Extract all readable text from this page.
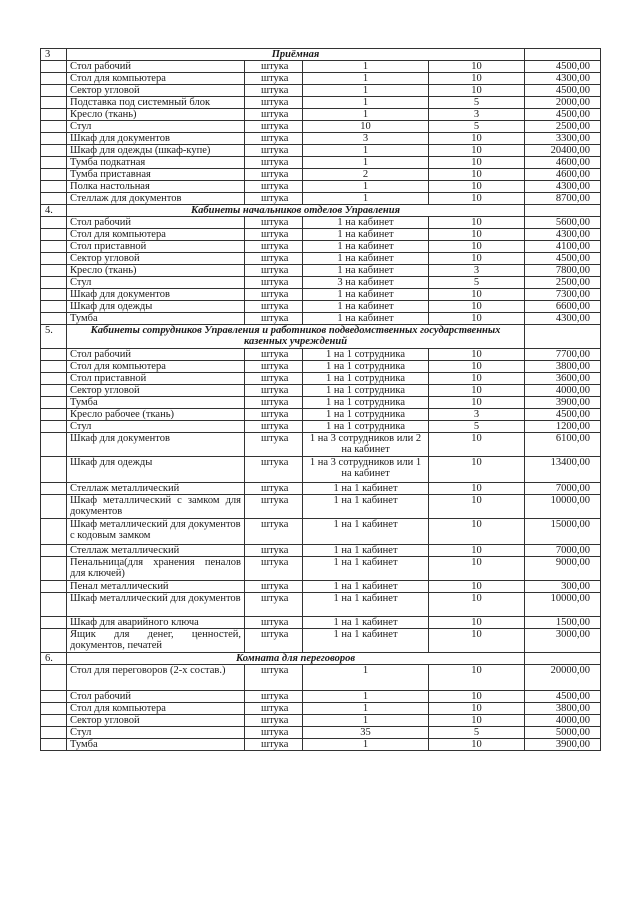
3	Приёмная				
	Стол рабочий	штука	1	10	4500,00
	Стол для компьютера	штука	1	10	4300,00
	Сектор угловой	штука	1	10	4500,00
	Подставка под системный блок	штука	1	5	2000,00
	Кресло (ткань)	штука	1	3	4500,00
	Стул	штука	10	5	2500,00
	Шкаф для документов	штука	3	10	3300,00
	Шкаф для одежды (шкаф-купе)	штука	1	10	20400,00
	Тумба подкатная	штука	1	10	4600,00
	Тумба приставная	штука	2	10	4600,00
	Полка настольная	штука	1	10	4300,00
	Стеллаж для документов	штука	1	10	8700,00
4.	Кабинеты начальников отделов Управления				
	Стол рабочий	штука	1 на кабинет	10	5600,00
	Стол для компьютера	штука	1 на кабинет	10	4300,00
	Стол приставной	штука	1 на кабинет	10	4100,00
	Сектор угловой	штука	1 на кабинет	10	4500,00
	Кресло (ткань)	штука	1 на кабинет	3	7800,00
	Стул	штука	3 на кабинет	5	2500,00
	Шкаф для документов	штука	1 на кабинет	10	7300,00
	Шкаф для одежды	штука	1 на кабинет	10	6600,00
	Тумба	штука	1 на кабинет	10	4300,00
5.	Кабинеты сотрудников Управления и работников подведомственных государственных казенных учреждений				
	Стол рабочий	штука	1 на 1 сотрудника	10	7700,00
	Стол для компьютера	штука	1 на 1 сотрудника	10	3800,00
	Стол приставной	штука	1 на 1 сотрудника	10	3600,00
	Сектор угловой	штука	1 на 1 сотрудника	10	4000,00
	Тумба	штука	1 на 1 сотрудника	10	3900,00
	Кресло рабочее (ткань)	штука	1 на 1 сотрудника	3	4500,00
	Стул	штука	1 на 1 сотрудника	5	1200,00
	Шкаф для документов	штука	1 на 3 сотрудников или 2 на кабинет	10	6100,00
	Шкаф для одежды	штука	1 на 3 сотрудников или 1 на кабинет	10	13400,00
	Стеллаж металлический	штука	1 на 1 кабинет	10	7000,00
	Шкаф металлический с замком для документов	штука	1 на 1 кабинет	10	10000,00
	Шкаф металлический для документов с кодовым замком	штука	1 на 1 кабинет	10	15000,00
	Стеллаж металлический	штука	1 на 1 кабинет	10	7000,00
	Пенальница(для хранения пеналов для ключей)	штука	1 на 1 кабинет	10	9000,00
	Пенал металлический	штука	1 на 1 кабинет	10	300,00
	Шкаф металлический для документов	штука	1 на 1 кабинет	10	10000,00
	Шкаф для аварийного ключа	штука	1 на 1 кабинет	10	1500,00
	Ящик для денег, ценностей, документов, печатей	штука	1 на 1 кабинет	10	3000,00
6.	Комната для переговоров				
	Стол для переговоров (2-х состав.)	штука	1	10	20000,00
	Стол рабочий	штука	1	10	4500,00
	Стол для компьютера	штука	1	10	3800,00
	Сектор угловой	штука	1	10	4000,00
	Стул	штука	35	5	5000,00
	Тумба	штука	1	10	3900,00
